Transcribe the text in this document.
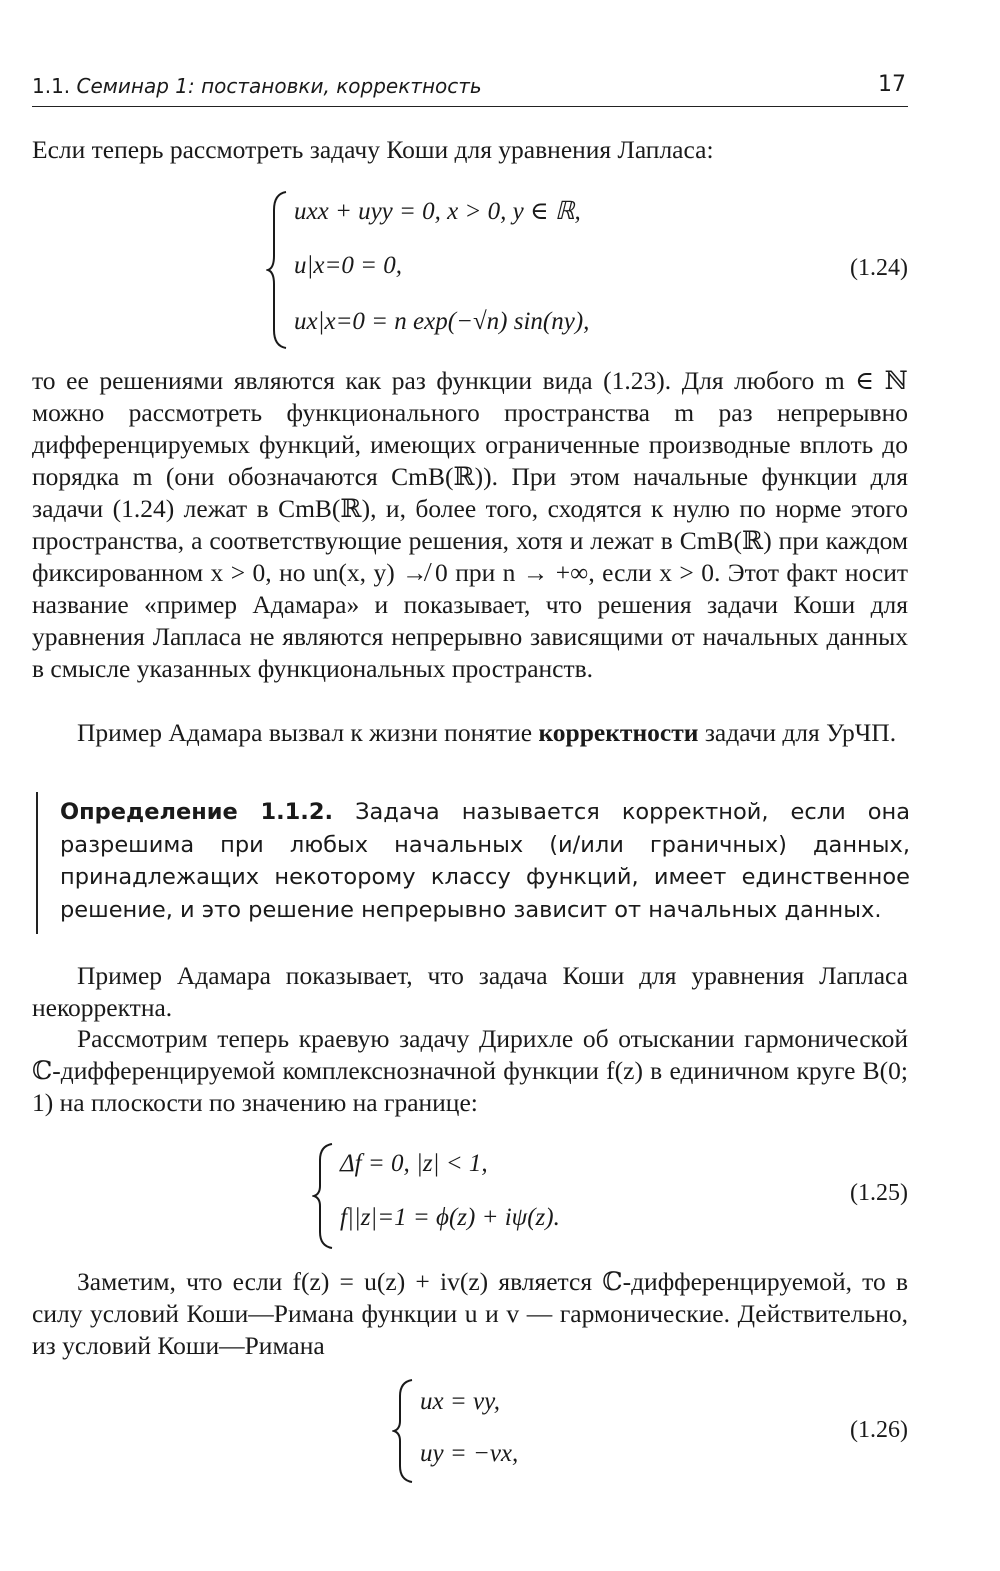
1.1. Семинар 1: постановки, корректность	17

Если теперь рассмотреть задачу Коши для уравнения Лапласа:

uxx + uyy = 0, x > 0, y ∈ ℝ,
u|x=0 = 0,
ux|x=0 = n exp(−√n) sin(ny),
(1.24)

то ее решениями являются как раз функции вида (1.23). Для любого m ∈ ℕ можно рассмотреть функционального пространства m раз непрерывно дифференцируемых функций, имеющих ограниченные производные вплоть до порядка m (они обозначаются CmB(ℝ)). При этом начальные функции для задачи (1.24) лежат в CmB(ℝ), и, более того, сходятся к нулю по норме этого пространства, а соответствующие решения, хотя и лежат в CmB(ℝ) при каждом фиксированном x > 0, но un(x, y) ↛ 0 при n → +∞, если x > 0. Этот факт носит название «пример Адамара» и показывает, что решения задачи Коши для уравнения Лапласа не являются непрерывно зависящими от начальных данных в смысле указанных функциональных пространств.

Пример Адамара вызвал к жизни понятие корректности задачи для УрЧП.

Определение 1.1.2. Задача называется корректной, если она разрешима при любых начальных (и/или граничных) данных, принадлежащих некоторому классу функций, имеет единственное решение, и это решение непрерывно зависит от начальных данных.

Пример Адамара показывает, что задача Коши для уравнения Лапласа некорректна.

Рассмотрим теперь краевую задачу Дирихле об отыскании гармонической ℂ-дифференцируемой комплекснозначной функции f(z) в единичном круге B(0; 1) на плоскости по значению на границе:

Δf = 0, |z| < 1,
f||z|=1 = ϕ(z) + iψ(z).
(1.25)

Заметим, что если f(z) = u(z) + iv(z) является ℂ-дифференцируемой, то в силу условий Коши—Римана функции u и v — гармонические. Действительно, из условий Коши—Римана

ux = vy,
uy = −vx,
(1.26)
